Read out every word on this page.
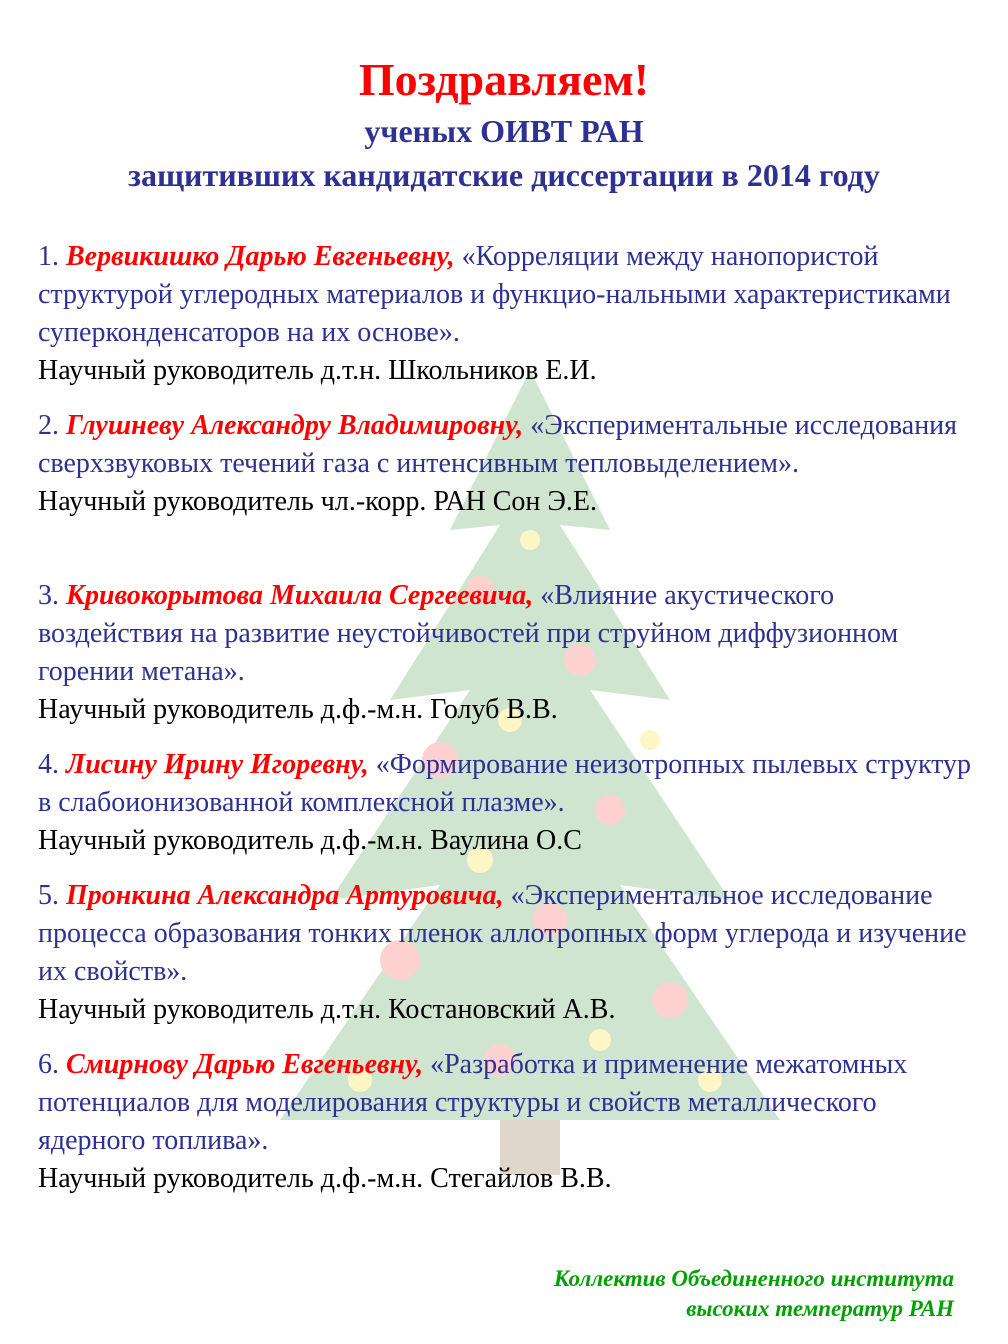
Поздравляем!
ученых ОИВТ РАН
защитивших кандидатские диссертации в 2014 году

1. Вервикишко Дарью Евгеньевну, «Корреляции между нанопористой структурой углеродных материалов и функцио-нальными характеристиками суперконденсаторов на их основе».

Научный руководитель д.т.н. Школьников Е.И.

2. Глушневу Александру Владимировну, «Экспериментальные исследования сверхзвуковых течений газа с интенсивным тепловыделением».

Научный руководитель чл.-корр. РАН Сон Э.Е.

3. Кривокорытова Михаила Сергеевича, «Влияние акустического воздействия на развитие неустойчивостей при струйном диффузионном горении метана».

Научный руководитель д.ф.-м.н. Голуб В.В.

4. Лисину Ирину Игоревну, «Формирование неизотропных пылевых структур в слабоионизованной комплексной плазме».

Научный руководитель д.ф.-м.н. Ваулина О.С

5. Пронкина Александра Артуровича, «Экспериментальное исследование процесса образования тонких пленок аллотропных форм углерода и изучение их свойств».

Научный руководитель д.т.н. Костановский А.В.

6. Смирнову Дарью Евгеньевну, «Разработка и применение межатомных потенциалов для моделирования структуры и свойств металлического ядерного топлива».

Научный руководитель д.ф.-м.н. Стегайлов В.В.

Коллектив Объединенного института
высоких температур РАН
